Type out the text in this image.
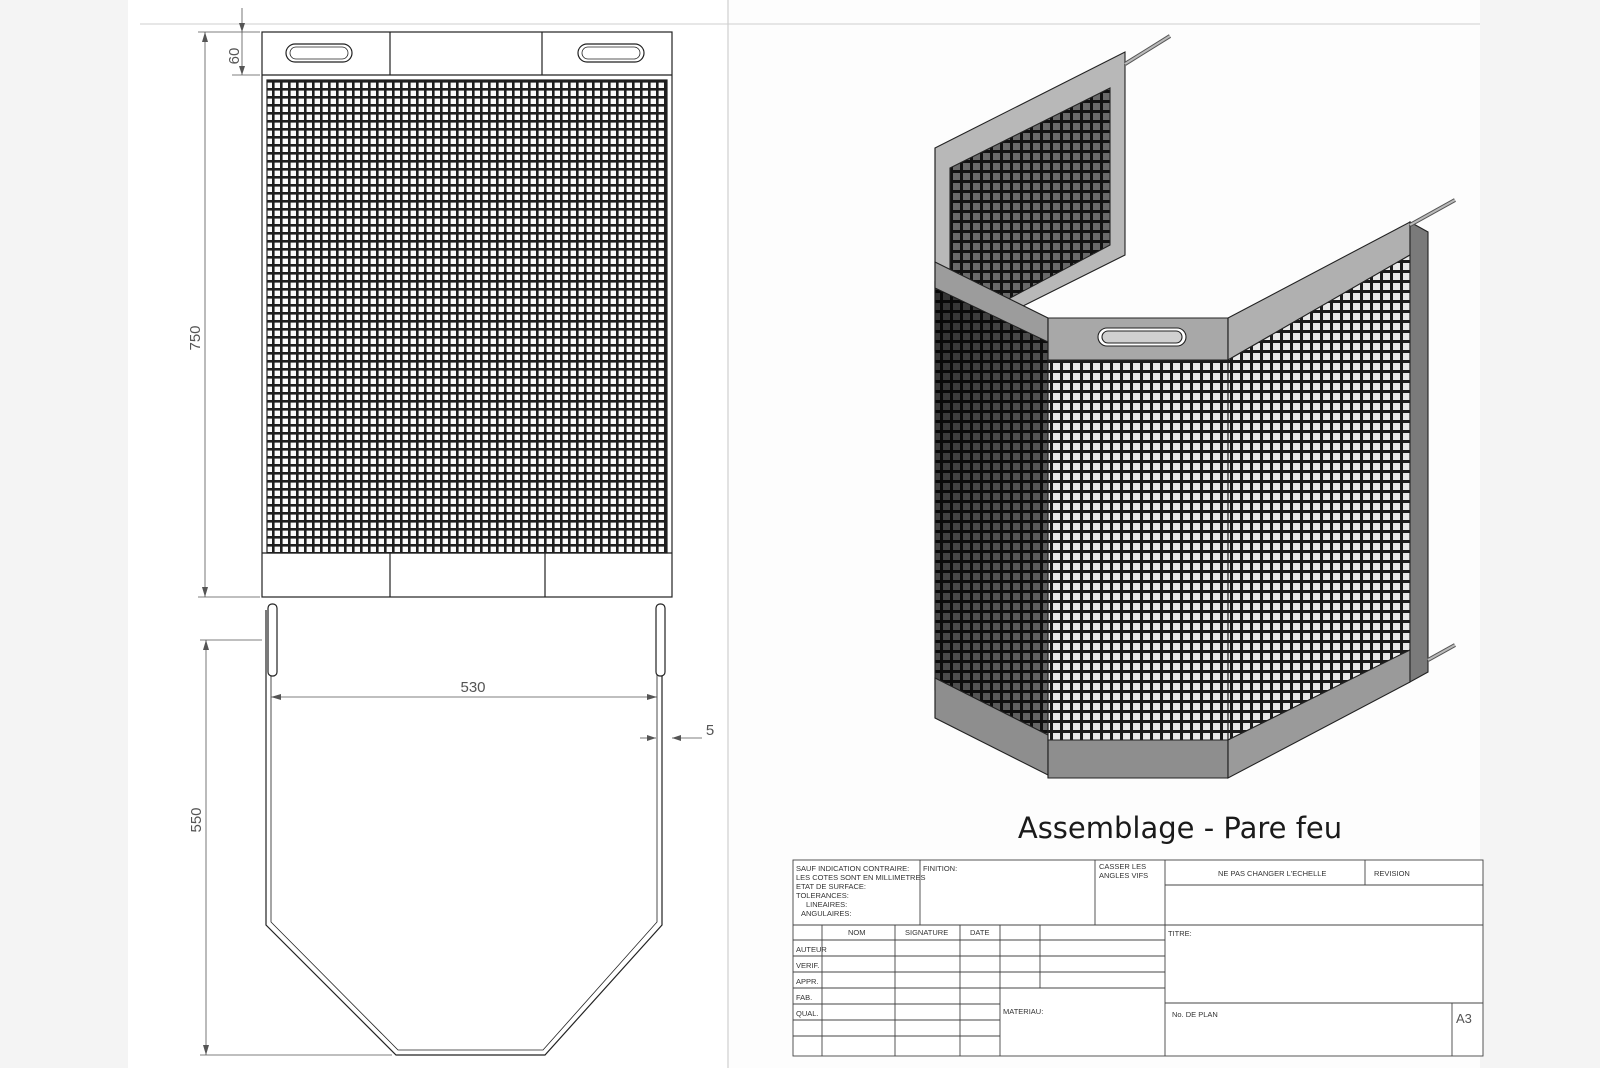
60
750
530
5
550	Assemblage - Pare feu
SAUF INDICATION CONTRAIRE:
LES COTES SONT EN MILLIMETRES
ETAT DE SURFACE:
TOLERANCES:
LINEAIRES:
ANGULAIRES:
FINITION:	CASSER LES
ANGLES VIFS	NE PAS CHANGER L'ECHELLE	REVISION
NOM	SIGNATURE	DATE
AUTEUR
VERIF.
APPR.
FAB.
QUAL.
TITRE:
MATERIAU:	No. DE PLAN	A3
